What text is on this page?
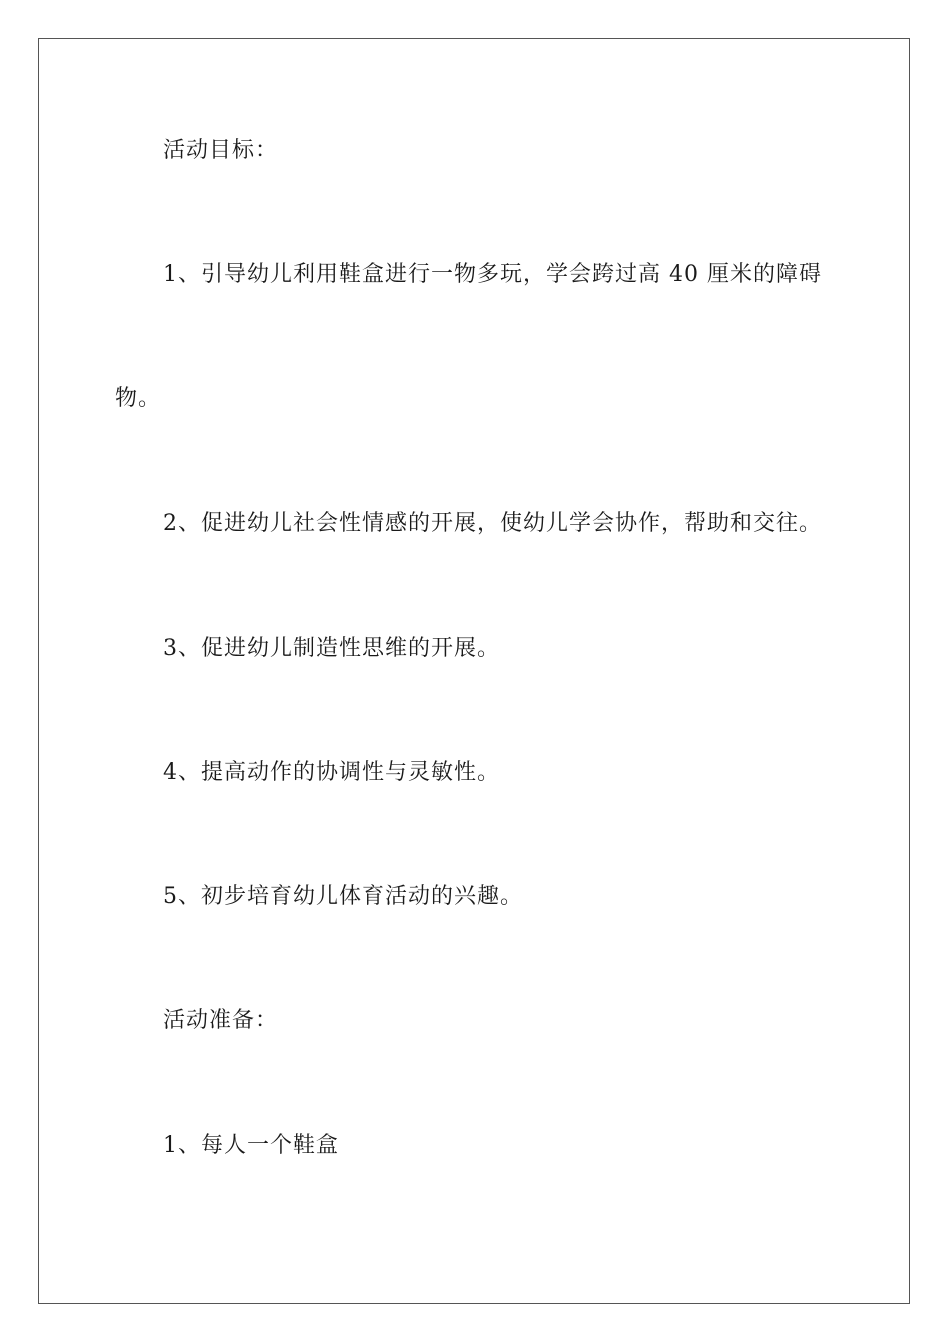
活动目标：
1、引导幼儿利用鞋盒进行一物多玩，学会跨过高 40 厘米的障碍
物。
2、促进幼儿社会性情感的开展，使幼儿学会协作，帮助和交往。
3、促进幼儿制造性思维的开展。
4、提高动作的协调性与灵敏性。
5、初步培育幼儿体育活动的兴趣。
活动准备：
1、每人一个鞋盒
